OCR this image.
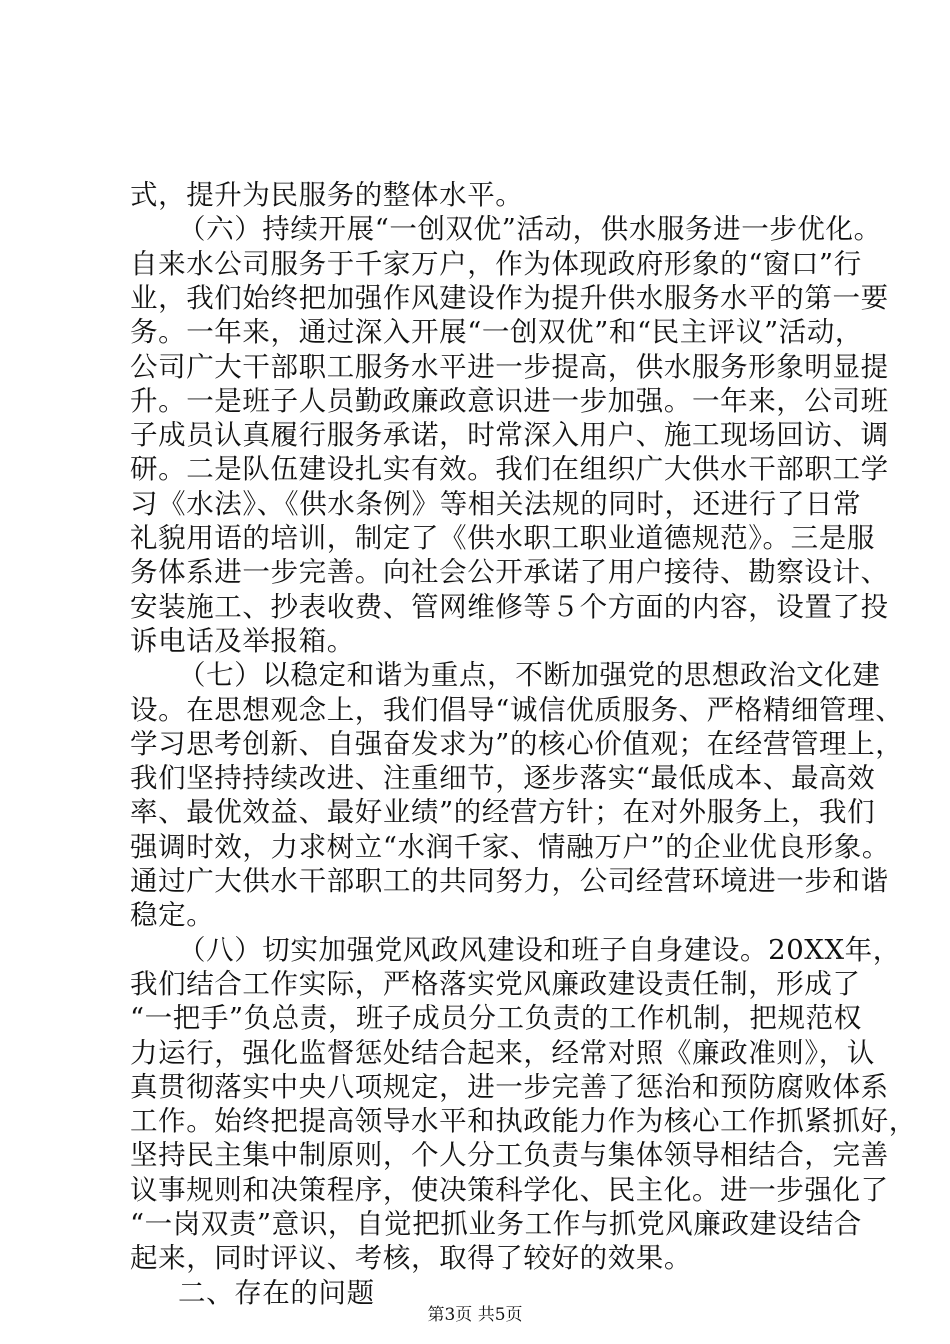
式，提升为民服务的整体水平。
（六）持续开展“一创双优”活动，供水服务进一步优化。
自来水公司服务于千家万户，作为体现政府形象的“窗口”行
业，我们始终把加强作风建设作为提升供水服务水平的第一要
务。一年来，通过深入开展“一创双优”和“民主评议”活动，
公司广大干部职工服务水平进一步提高，供水服务形象明显提
升。一是班子人员勤政廉政意识进一步加强。一年来，公司班
子成员认真履行服务承诺，时常深入用户、施工现场回访、调
研。二是队伍建设扎实有效。我们在组织广大供水干部职工学
习《水法》、《供水条例》等相关法规的同时，还进行了日常
礼貌用语的培训，制定了《供水职工职业道德规范》。三是服
务体系进一步完善。向社会公开承诺了用户接待、勘察设计、
安装施工、抄表收费、管网维修等５个方面的内容，设置了投
诉电话及举报箱。
（七）以稳定和谐为重点，不断加强党的思想政治文化建
设。在思想观念上，我们倡导“诚信优质服务、严格精细管理、
学习思考创新、自强奋发求为”的核心价值观；在经营管理上，
我们坚持持续改进、注重细节，逐步落实“最低成本、最高效
率、最优效益、最好业绩”的经营方针；在对外服务上，我们
强调时效，力求树立“水润千家、情融万户”的企业优良形象。
通过广大供水干部职工的共同努力，公司经营环境进一步和谐
稳定。
（八）切实加强党风政风建设和班子自身建设。20XX年，
我们结合工作实际，严格落实党风廉政建设责任制，形成了
“一把手”负总责，班子成员分工负责的工作机制，把规范权
力运行，强化监督惩处结合起来，经常对照《廉政准则》，认
真贯彻落实中央八项规定，进一步完善了惩治和预防腐败体系
工作。始终把提高领导水平和执政能力作为核心工作抓紧抓好，
坚持民主集中制原则，个人分工负责与集体领导相结合，完善
议事规则和决策程序，使决策科学化、民主化。进一步强化了
“一岗双责”意识，自觉把抓业务工作与抓党风廉政建设结合
起来，同时评议、考核，取得了较好的效果。
二、存在的问题
第3页 共5页
